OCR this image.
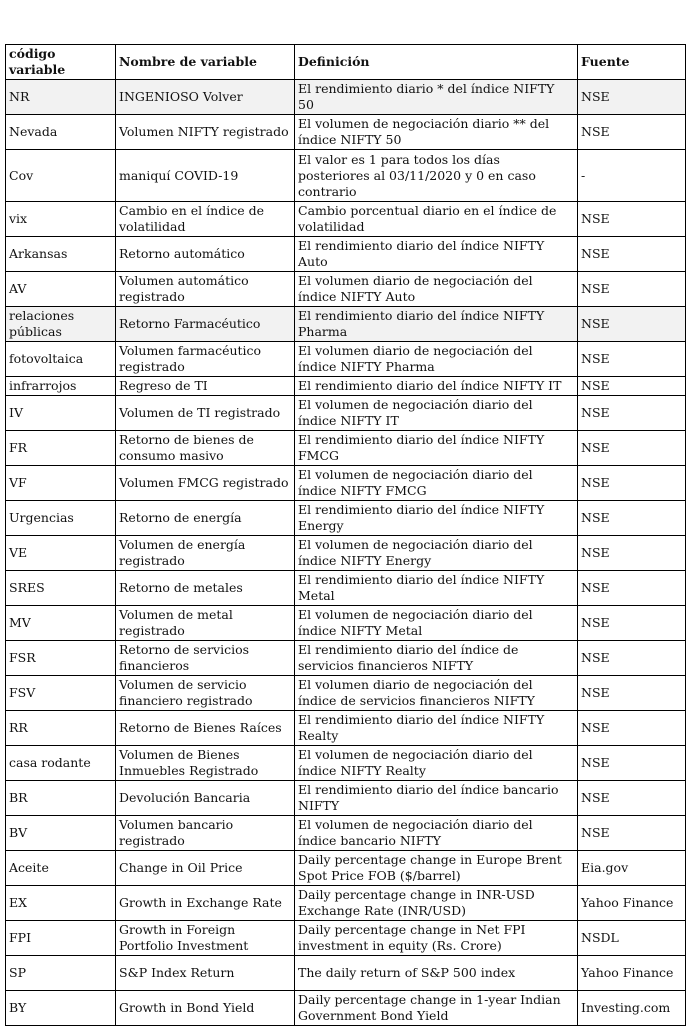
código variable	Nombre de variable	Definición	Fuente
NR	INGENIOSO Volver	El rendimiento diario * del índice NIFTY 50	NSE
Nevada	Volumen NIFTY registrado	El volumen de negociación diario ** del índice NIFTY 50	NSE
Cov	maniquí COVID-19	El valor es 1 para todos los días posteriores al 03/11/2020 y 0 en caso contrario	-
vix	Cambio en el índice de volatilidad	Cambio porcentual diario en el índice de volatilidad	NSE
Arkansas	Retorno automático	El rendimiento diario del índice NIFTY Auto	NSE
AV	Volumen automático registrado	El volumen diario de negociación del índice NIFTY Auto	NSE
relaciones públicas	Retorno Farmacéutico	El rendimiento diario del índice NIFTY Pharma	NSE
fotovoltaica	Volumen farmacéutico registrado	El volumen diario de negociación del índice NIFTY Pharma	NSE
infrarrojos	Regreso de TI	El rendimiento diario del índice NIFTY IT	NSE
IV	Volumen de TI registrado	El volumen de negociación diario del índice NIFTY IT	NSE
FR	Retorno de bienes de consumo masivo	El rendimiento diario del índice NIFTY FMCG	NSE
VF	Volumen FMCG registrado	El volumen de negociación diario del índice NIFTY FMCG	NSE
Urgencias	Retorno de energía	El rendimiento diario del índice NIFTY Energy	NSE
VE	Volumen de energía registrado	El volumen de negociación diario del índice NIFTY Energy	NSE
SRES	Retorno de metales	El rendimiento diario del índice NIFTY Metal	NSE
MV	Volumen de metal registrado	El volumen de negociación diario del índice NIFTY Metal	NSE
FSR	Retorno de servicios financieros	El rendimiento diario del índice de servicios financieros NIFTY	NSE
FSV	Volumen de servicio financiero registrado	El volumen diario de negociación del índice de servicios financieros NIFTY	NSE
RR	Retorno de Bienes Raíces	El rendimiento diario del índice NIFTY Realty	NSE
casa rodante	Volumen de Bienes Inmuebles Registrado	El volumen de negociación diario del índice NIFTY Realty	NSE
BR	Devolución Bancaria	El rendimiento diario del índice bancario NIFTY	NSE
BV	Volumen bancario registrado	El volumen de negociación diario del índice bancario NIFTY	NSE
Aceite	Change in Oil Price	Daily percentage change in Europe Brent Spot Price FOB ($/barrel)	Eia.gov
EX	Growth in Exchange Rate	Daily percentage change in INR-USD Exchange Rate (INR/USD)	Yahoo Finance
FPI	Growth in Foreign Portfolio Investment	Daily percentage change in Net FPI investment in equity (Rs. Crore)	NSDL
SP	S&P Index Return	The daily return of S&P 500 index	Yahoo Finance
BY	Growth in Bond Yield	Daily percentage change in 1-year Indian Government Bond Yield	Investing.com
